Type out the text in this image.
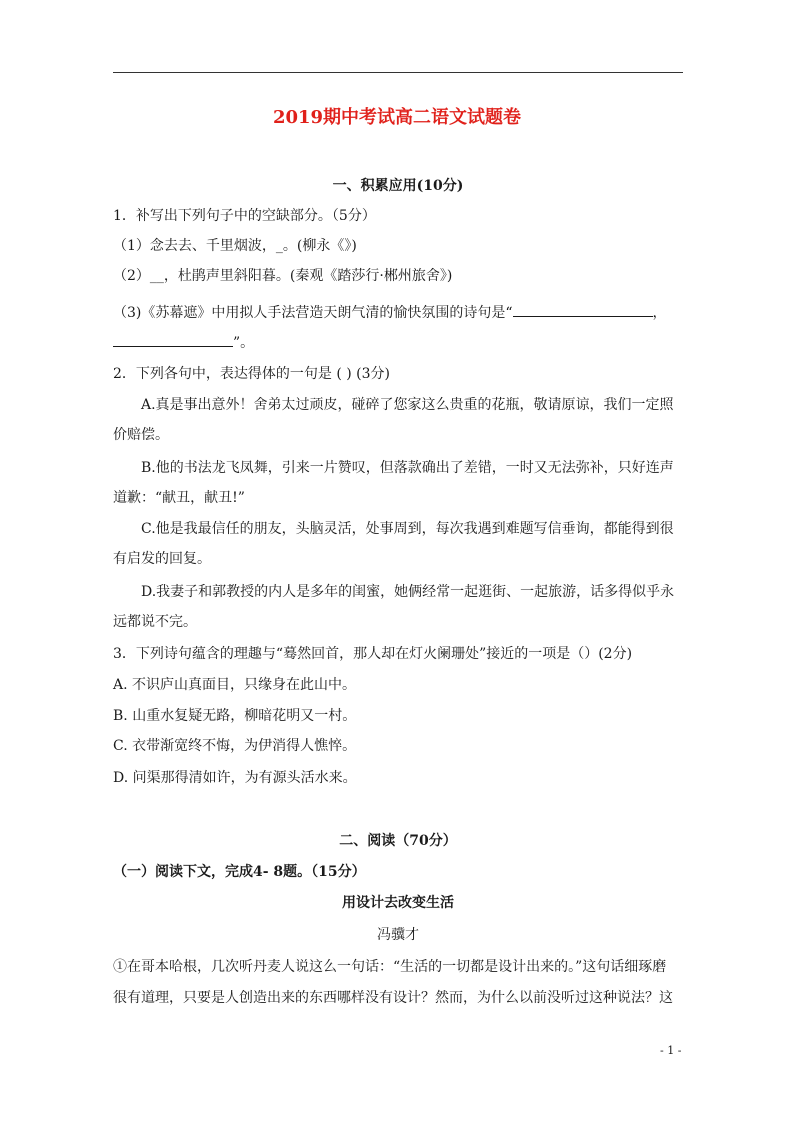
2019期中考试高二语文试题卷
一、积累应用(10分)
1．补写出下列句子中的空缺部分。（5分）
（1）念去去、千里烟波，_。(柳永《》)
（2）__，杜鹃声里斜阳暮。(秦观《踏莎行·郴州旅舍》)
（3)《苏幕遮》中用拟人手法营造天朗气清的愉快氛围的诗句是“	，
”。
2．下列各句中，表达得体的一句是 ( ) (3分)
A.真是事出意外！舍弟太过顽皮，碰碎了您家这么贵重的花瓶，敬请原谅，我们一定照
价赔偿。
B.他的书法龙飞凤舞，引来一片赞叹，但落款确出了差错，一时又无法弥补，只好连声
道歉：“献丑，献丑!”
C.他是我最信任的朋友，头脑灵活，处事周到，每次我遇到难题写信垂询，都能得到很
有启发的回复。
D.我妻子和郭教授的内人是多年的闺蜜，她俩经常一起逛街、一起旅游，话多得似乎永
远都说不完。
3．下列诗句蕴含的理趣与“蓦然回首，那人却在灯火阑珊处”接近的一项是（）(2分)
A. 不识庐山真面目，只缘身在此山中。
B. 山重水复疑无路，柳暗花明又一村。
C. 衣带渐宽终不悔，为伊消得人憔悴。
D. 问渠那得清如许，为有源头活水来。
二、阅读（70分）
（一）阅读下文，完成4- 8题。（15分）
用设计去改变生活
冯骥才
①在哥本哈根，几次听丹麦人说这么一句话：“生活的一切都是设计出来的。”这句话细琢磨
很有道理，只要是人创造出来的东西哪样没有设计？然而，为什么以前没听过这种说法？这
- 1 -
